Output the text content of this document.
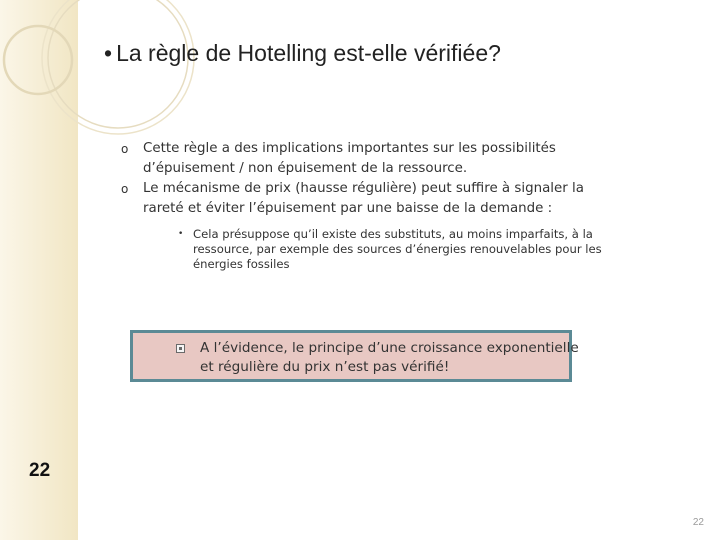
• La règle de Hotelling est-elle vérifiée?

o Cette règle a des implications importantes sur les possibilités d’épuisement / non épuisement de la ressource.

o Le mécanisme de prix (hausse régulière) peut suffire à signaler la rareté et éviter l’épuisement par une baisse de la demande :

• Cela présuppose qu’il existe des substituts, au moins imparfaits, à la ressource, par exemple des sources d’énergies renouvelables pour les énergies fossiles
A l’évidence, le principe d’une croissance exponentielle et régulière du prix n’est pas vérifié!
22
22
